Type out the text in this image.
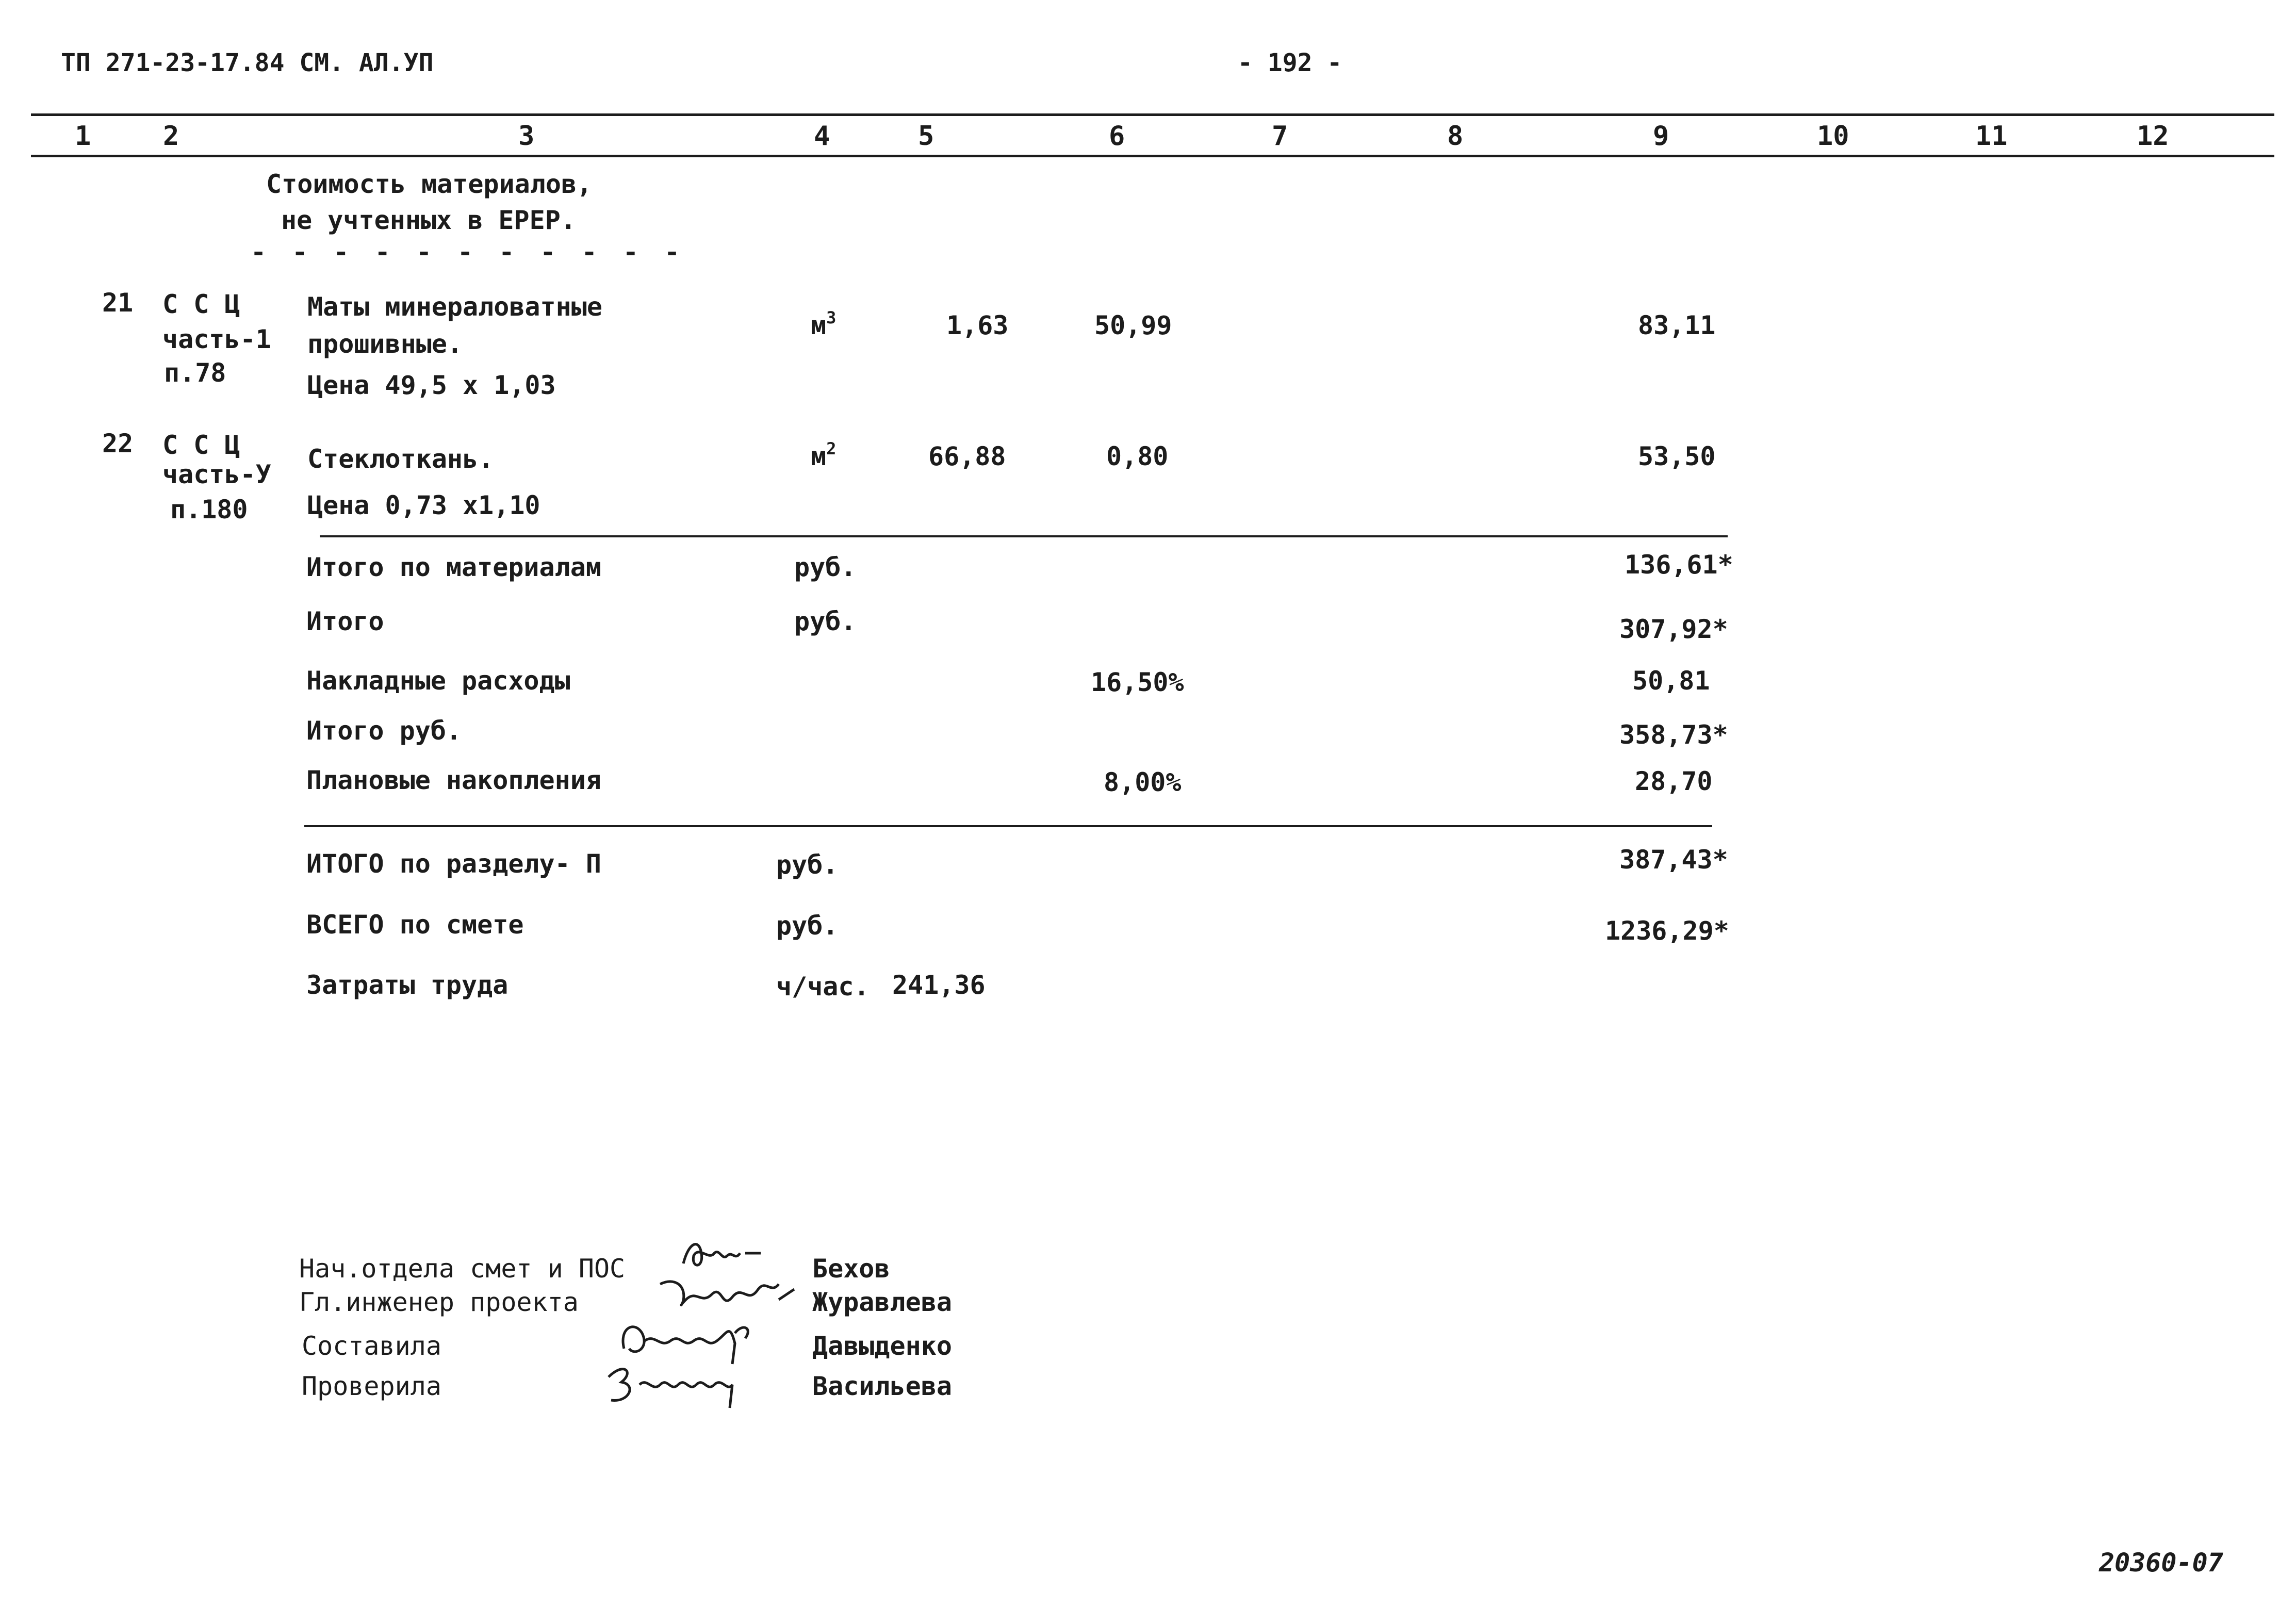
ТП 271-23-17.84 СМ. АЛ.УП	- 192 -
1	2	3	4	5	6	7	8	9	10	11	12
Стоимость материалов,
не учтенных в ЕРЕР.
- - - - - - - - - - -
21 С С Ц
часть-1
п.78
Маты минераловатные
прошивные.
Цена 49,5 х 1,03
$м^3$	1,63	50,99	83,11
22 С С Ц
часть-У
п.180
Стеклоткань.
Цена 0,73 х1,10
$м^2$	66,88	0,80	53,50
Итого по материалам	руб.	136,61*
Итого	руб.	307,92*
Накладные расходы	16,50%	50,81
Итого руб.	358,73*
Плановые накопления	8,00%	28,70
ИТОГО по разделу- П	руб.	387,43*
ВСЕГО по смете	руб.	1236,29*
Затраты труда	ч/час. 241,36
Нач.отдела смет и ПОС	Бехов
Гл.инженер проекта	Журавлева
Составила	Давыденко
Проверила	Васильева
20360-07
